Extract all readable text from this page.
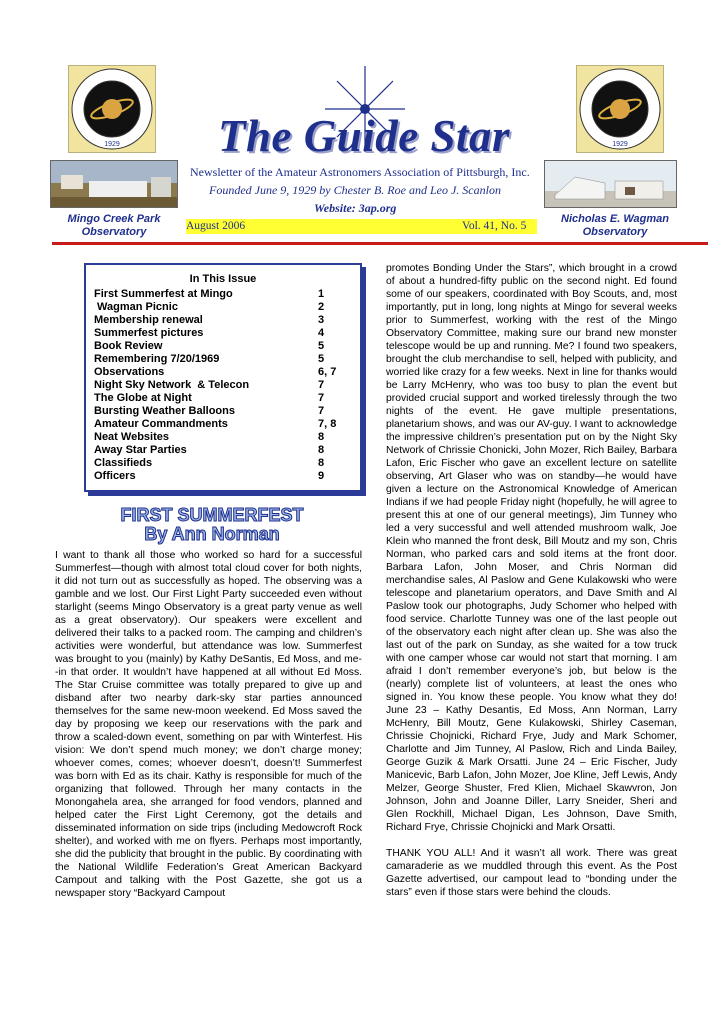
1929	1929
The Guide Star
Mingo Creek Park
Observatory
Nicholas E. Wagman
Observatory
Newsletter of the Amateur Astronomers Association of Pittsburgh, Inc.
Founded June 9, 1929 by Chester B. Roe and Leo J. Scanlon
Website: 3ap.org
August 2006	Vol. 41, No. 5
In This Issue
First Summerfest at Mingo	1
Wagman Picnic	2
Membership renewal	3
Summerfest pictures	4
Book Review	5
Remembering 7/20/1969	5
Observations	6, 7
Night Sky Network  & Telecon	7
The Globe at Night	7
Bursting Weather Balloons	7
Amateur Commandments	7, 8
Neat Websites	8
Away Star Parties	8
Classifieds	8
Officers	9
FIRST SUMMERFEST
By Ann Norman

I want to thank all those who worked so hard for a successful Summerfest—though with almost total cloud cover for both nights, it did not turn out as successfully as hoped. The observing was a gamble and we lost. Our First Light Party succeeded even without starlight (seems Mingo Observatory is a great party venue as well as a great observatory). Our speakers were excellent and delivered their talks to a packed room. The camping and children’s activities were wonderful, but attendance was low. Summerfest was brought to you (mainly) by Kathy DeSantis, Ed Moss, and me--in that order. It wouldn’t have happened at all without Ed Moss. The Star Cruise committee was totally prepared to give up and disband after two nearby dark-sky star parties announced themselves for the same new-moon weekend. Ed Moss saved the day by proposing we keep our reservations with the park and throw a scaled-down event, something on par with Winterfest. His vision: We don’t spend much money; we don’t charge money; whoever comes, comes; whoever doesn’t, doesn’t! Summerfest was born with Ed as its chair. Kathy is responsible for much of the organizing that followed. Through her many contacts in the Monongahela area, she arranged for food vendors, planned and helped cater the First Light Ceremony, got the details and disseminated information on side trips (including Medowcroft Rock shelter), and worked with me on flyers. Perhaps most importantly, she did the publicity that brought in the public. By coordinating with the National Wildlife Federation’s Great American Backyard Campout and talking with the Post Gazette, she got us a newspaper story “Backyard Campout

promotes Bonding Under the Stars”, which brought in a crowd of about a hundred-fifty public on the second night. Ed found some of our speakers, coordinated with Boy Scouts, and, most importantly, put in long, long nights at Mingo for several weeks prior to Summerfest, working with the rest of the Mingo Observatory Committee, making sure our brand new monster telescope would be up and running. Me? I found two speakers, brought the club merchandise to sell, helped with publicity, and worried like crazy for a few weeks. Next in line for thanks would be Larry McHenry, who was too busy to plan the event but provided crucial support and worked tirelessly through the two nights of the event. He gave multiple presentations, planetarium shows, and was our AV-guy. I want to acknowledge the impressive children’s presentation put on by the Night Sky Network of Chrissie Chonicki, John Mozer, Rich Bailey, Barbara Lafon, Eric Fischer who gave an excellent lecture on satellite observing, Art Glaser who was on standby—he would have given a lecture on the Astronomical Knowledge of American Indians if we had people Friday night (hopefully, he will agree to present this at one of our general meetings), Jim Tunney who led a very successful and well attended mushroom walk, Joe Klein who manned the front desk, Bill Moutz and my son, Chris Norman, who parked cars and sold items at the front door. Barbara Lafon, John Moser, and Chris Norman did merchandise sales, Al Paslow and Gene Kulakowski who were telescope and planetarium operators, and Dave Smith and Al Paslow took our photographs, Judy Schomer who helped with food service. Charlotte Tunney was one of the last people out of the observatory each night after clean up. She was also the last out of the park on Sunday, as she waited for a tow truck with one camper whose car would not start that morning. I am afraid I don’t remember everyone’s job, but below is the (nearly) complete list of volunteers, at least the ones who signed in. You know these people. You know what they do! June 23 – Kathy Desantis, Ed Moss, Ann Norman, Larry McHenry, Bill Moutz, Gene Kulakowski, Shirley Caseman, Chrissie Chojnicki, Richard Frye, Judy and Mark Schomer, Charlotte and Jim Tunney, Al Paslow, Rich and Linda Bailey, George Guzik & Mark Orsatti. June 24 – Eric Fischer, Judy Manicevic, Barb Lafon, John Mozer, Joe Kline, Jeff Lewis, Andy Melzer, George Shuster, Fred Klien, Michael Skawvron, Jon Johnson, John and Joanne Diller, Larry Sneider, Sheri and Glen Rockhill, Michael Digan, Les Johnson, Dave Smith, Richard Frye, Chrissie Chojnicki and Mark Orsatti.

THANK YOU ALL! And it wasn’t all work. There was great camaraderie as we muddled through this event. As the Post Gazette advertised, our campout lead to “bonding under the stars” even if those stars were behind the clouds.
